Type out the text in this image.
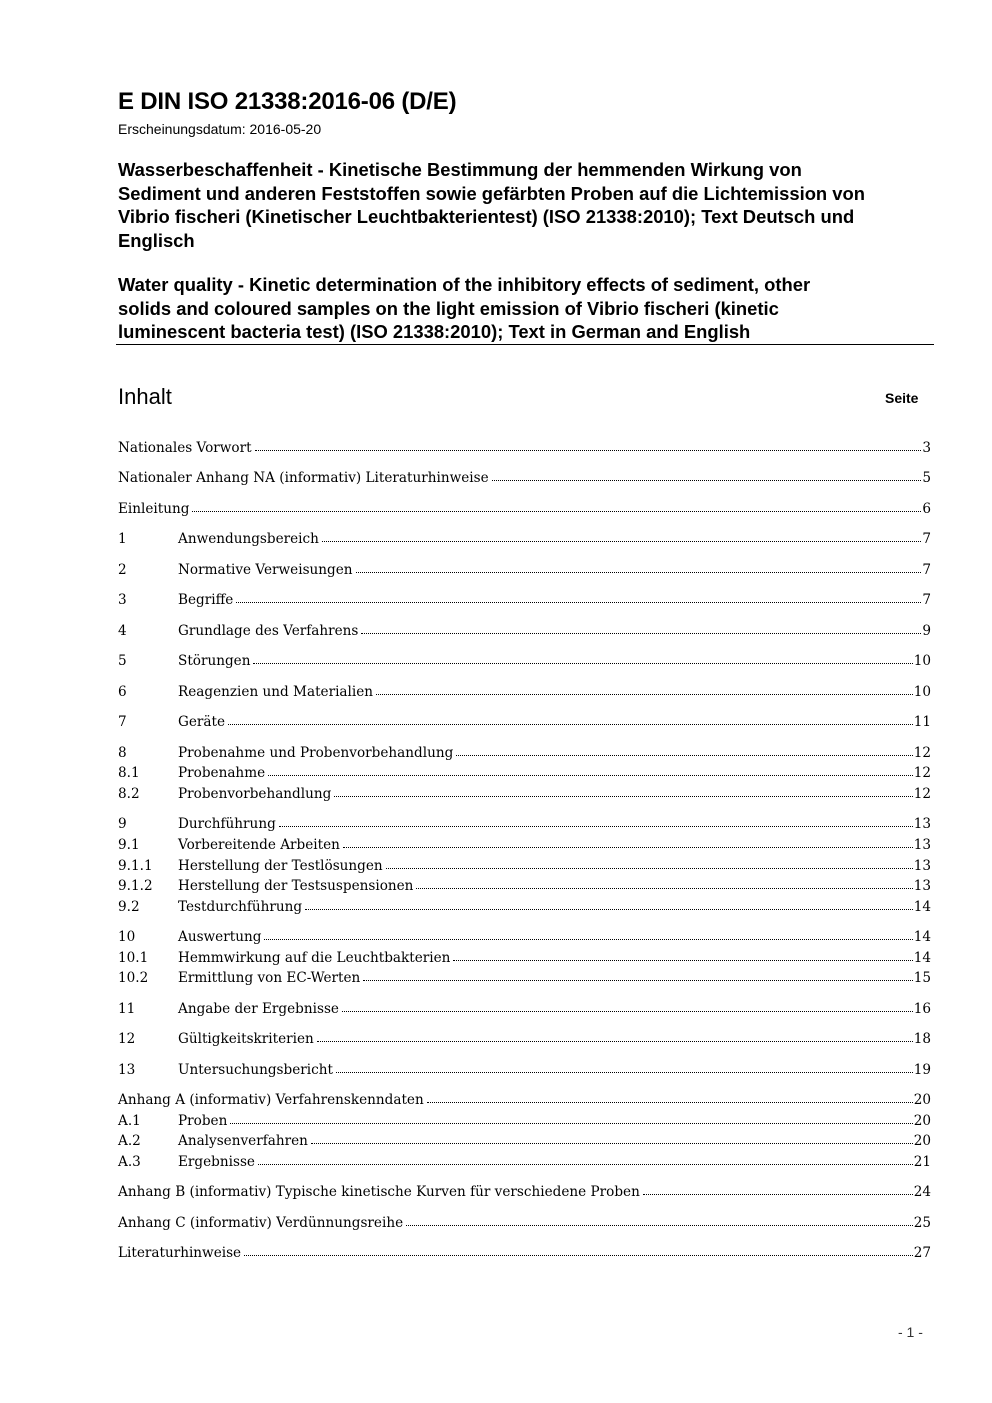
E DIN ISO 21338:2016-06 (D/E)
Erscheinungsdatum: 2016-05-20
Wasserbeschaffenheit - Kinetische Bestimmung der hemmenden Wirkung von
Sediment und anderen Feststoffen sowie gefärbten Proben auf die Lichtemission von
Vibrio fischeri (Kinetischer Leuchtbakterientest) (ISO 21338:2010); Text Deutsch und
Englisch
Water quality - Kinetic determination of the inhibitory effects of sediment, other
solids and coloured samples on the light emission of Vibrio fischeri (kinetic
luminescent bacteria test) (ISO 21338:2010); Text in German and English
Inhalt	Seite
Nationales Vorwort	3
Nationaler Anhang NA (informativ) Literaturhinweise	5
Einleitung	6
1	Anwendungsbereich	7
2	Normative Verweisungen	7
3	Begriffe	7
4	Grundlage des Verfahrens	9
5	Störungen	10
6	Reagenzien und Materialien	10
7	Geräte	11
8	Probenahme und Probenvorbehandlung	12
8.1	Probenahme	12
8.2	Probenvorbehandlung	12
9	Durchführung	13
9.1	Vorbereitende Arbeiten	13
9.1.1	Herstellung der Testlösungen	13
9.1.2	Herstellung der Testsuspensionen	13
9.2	Testdurchführung	14
10	Auswertung	14
10.1	Hemmwirkung auf die Leuchtbakterien	14
10.2	Ermittlung von EC-Werten	15
11	Angabe der Ergebnisse	16
12	Gültigkeitskriterien	18
13	Untersuchungsbericht	19
Anhang A (informativ) Verfahrenskenndaten	20
A.1	Proben	20
A.2	Analysenverfahren	20
A.3	Ergebnisse	21
Anhang B (informativ) Typische kinetische Kurven für verschiedene Proben	24
Anhang C (informativ) Verdünnungsreihe	25
Literaturhinweise	27
- 1 -
